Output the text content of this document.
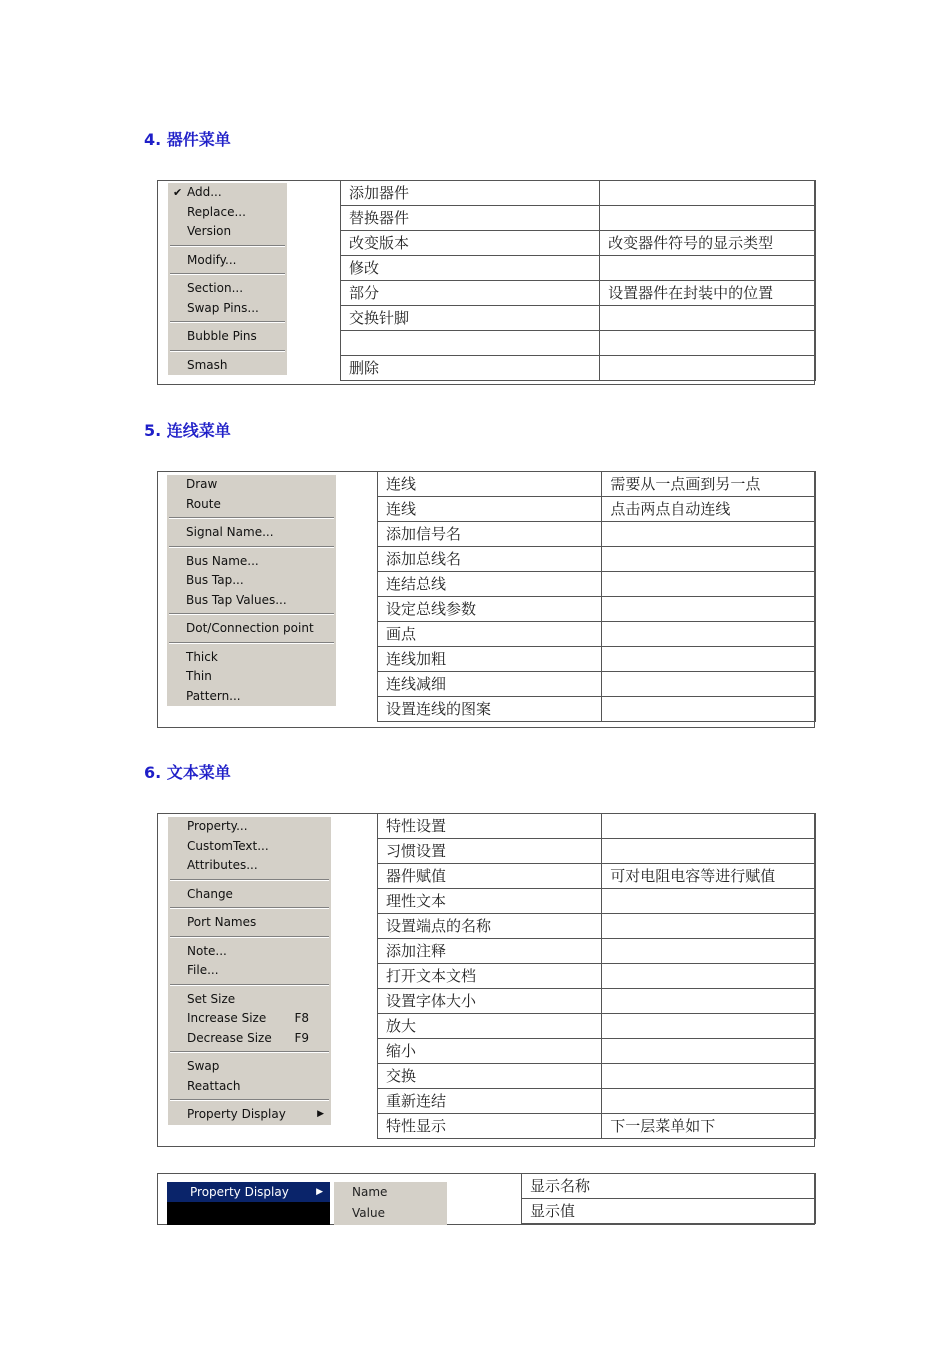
4. 器件菜单
✔ Add...
Replace...
Version
Modify...
Section...
Swap Pins...
Bubble Pins
Smash
添加器件	
替换器件	
改变版本	改变器件符号的显示类型
修改	
部分	设置器件在封装中的位置
交换针脚	

删除	
5. 连线菜单
Draw
Route
Signal Name...
Bus Name...
Bus Tap...
Bus Tap Values...
Dot/Connection point
Thick
Thin
Pattern...
连线	需要从一点画到另一点
连线	点击两点自动连线
添加信号名	
添加总线名	
连结总线	
设定总线参数	
画点	
连线加粗	
连线减细	
设置连线的图案	
6. 文本菜单
Property...
CustomText...
Attributes...
Change
Port Names
Note...
File...
Set Size
Increase Size F8
Decrease Size F9
Swap
Reattach
Property Display	▶
特性设置	
习惯设置	
器件赋值	可对电阻电容等进行赋值
理性文本	
设置端点的名称	
添加注释	
打开文本文档	
设置字体大小	
放大	
缩小	
交换	
重新连结	
特性显示	下一层菜单如下
Property Display	▶	Name
Value
显示名称
显示值
